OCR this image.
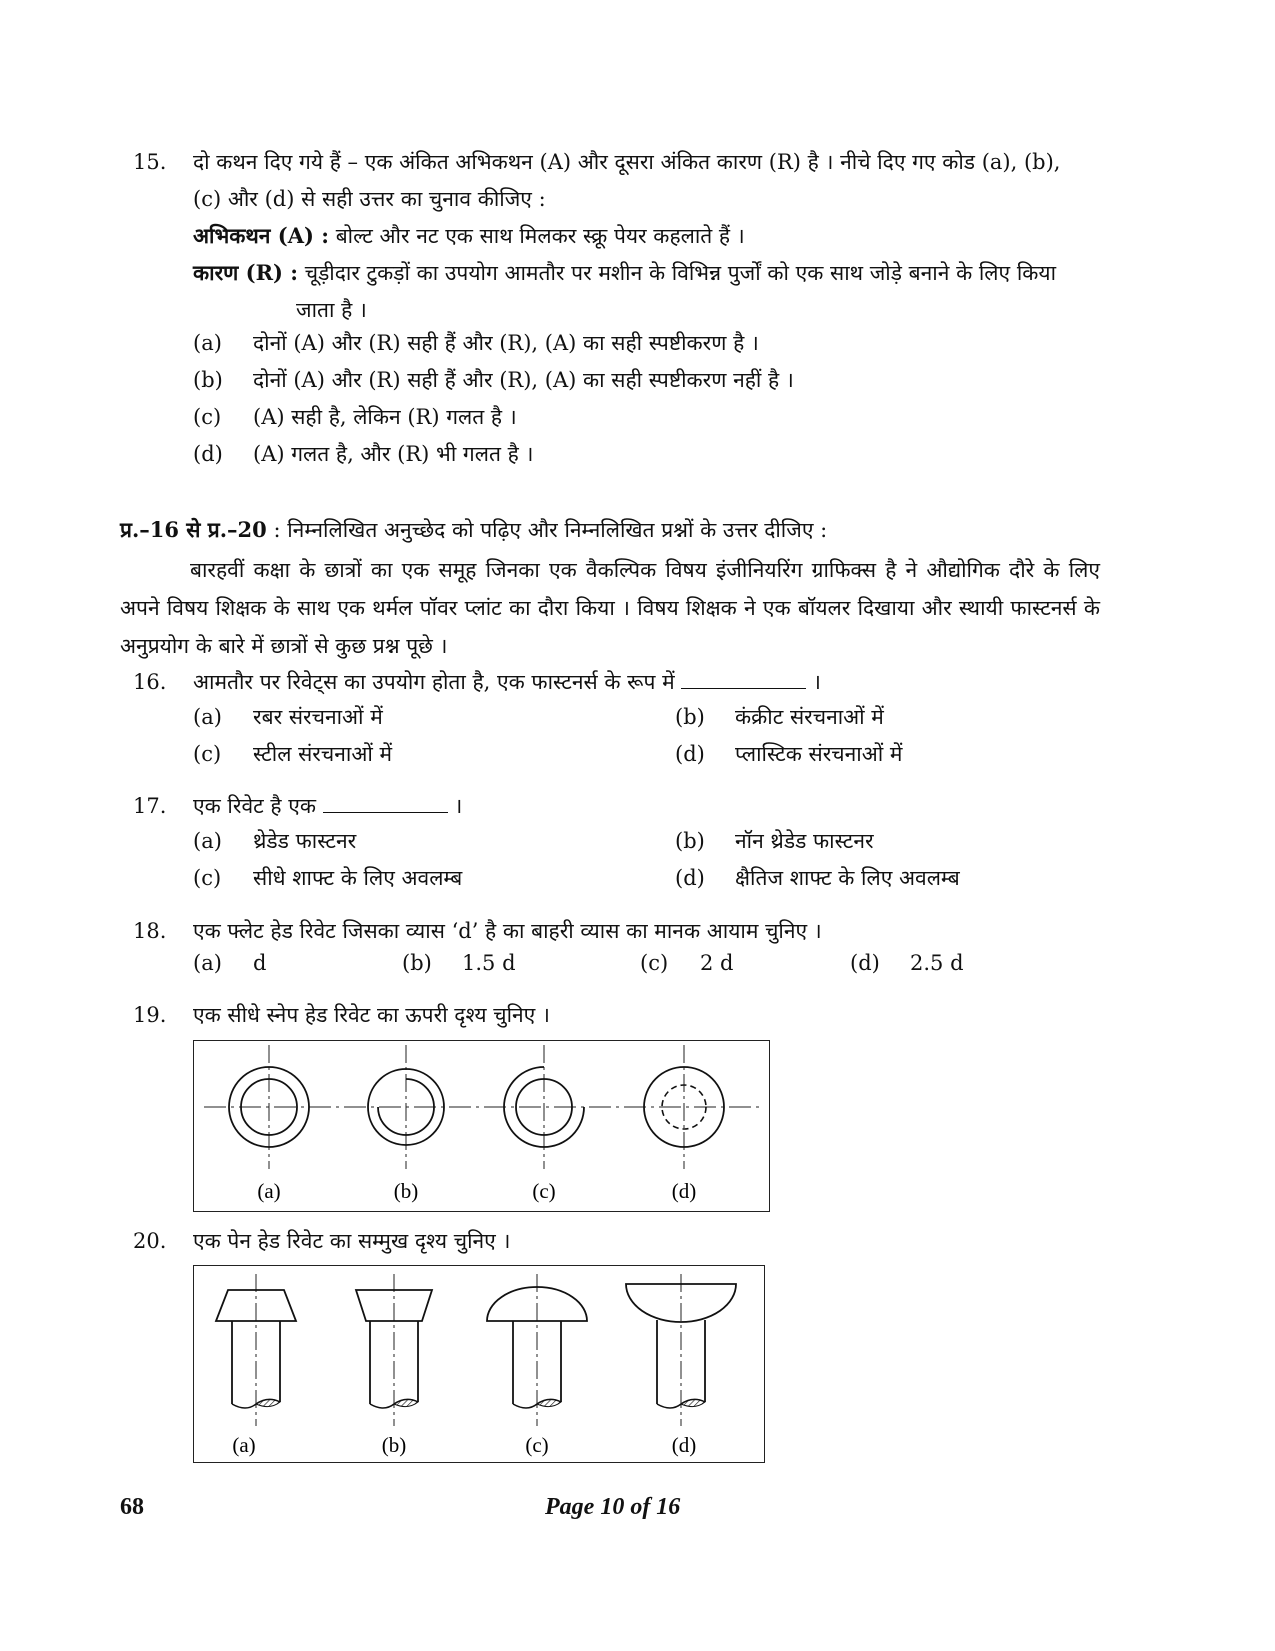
15.	दो कथन दिए गये हैं – एक अंकित अभिकथन (A) और दूसरा अंकित कारण (R) है । नीचे दिए गए कोड (a), (b), (c) और (d) से सही उत्तर का चुनाव कीजिए :
अभिकथन (A) : बोल्ट और नट एक साथ मिलकर स्क्रू पेयर कहलाते हैं ।
कारण (R) : चूड़ीदार टुकड़ों का उपयोग आमतौर पर मशीन के विभिन्न पुर्जों को एक साथ जोड़े बनाने के लिए किया जाता है ।
(a) दोनों (A) और (R) सही हैं और (R), (A) का सही स्पष्टीकरण है ।
(b) दोनों (A) और (R) सही हैं और (R), (A) का सही स्पष्टीकरण नहीं है ।
(c) (A) सही है, लेकिन (R) गलत है ।
(d) (A) गलत है, और (R) भी गलत है ।
प्र.–16 से प्र.–20 : निम्नलिखित अनुच्छेद को पढ़िए और निम्नलिखित प्रश्नों के उत्तर दीजिए :
बारहवीं कक्षा के छात्रों का एक समूह जिनका एक वैकल्पिक विषय इंजीनियरिंग ग्राफिक्स है ने औद्योगिक दौरे के लिए अपने विषय शिक्षक के साथ एक थर्मल पॉवर प्लांट का दौरा किया । विषय शिक्षक ने एक बॉयलर दिखाया और स्थायी फास्टनर्स के अनुप्रयोग के बारे में छात्रों से कुछ प्रश्न पूछे ।
16.	आमतौर पर रिवेट्स का उपयोग होता है, एक फास्टनर्स के रूप में	।
(a) रबर संरचनाओं में	(b) कंक्रीट संरचनाओं में
(c) स्टील संरचनाओं में	(d) प्लास्टिक संरचनाओं में
17.	एक रिवेट है एक	।
(a) थ्रेडेड फास्टनर	(b) नॉन थ्रेडेड फास्टनर
(c) सीधे शाफ्ट के लिए अवलम्ब	(d) क्षैतिज शाफ्ट के लिए अवलम्ब
18.	एक फ्लेट हेड रिवेट जिसका व्यास ‘d’ है का बाहरी व्यास का मानक आयाम चुनिए ।
(a) d	(b) 1.5 d	(c) 2 d	(d) 2.5 d
19.	एक सीधे स्नेप हेड रिवेट का ऊपरी दृश्य चुनिए ।
(a)	(b)	(c)	(d)
20.	एक पेन हेड रिवेट का सम्मुख दृश्य चुनिए ।
(a)	(b)	(c)	(d)
68	Page 10 of 16
